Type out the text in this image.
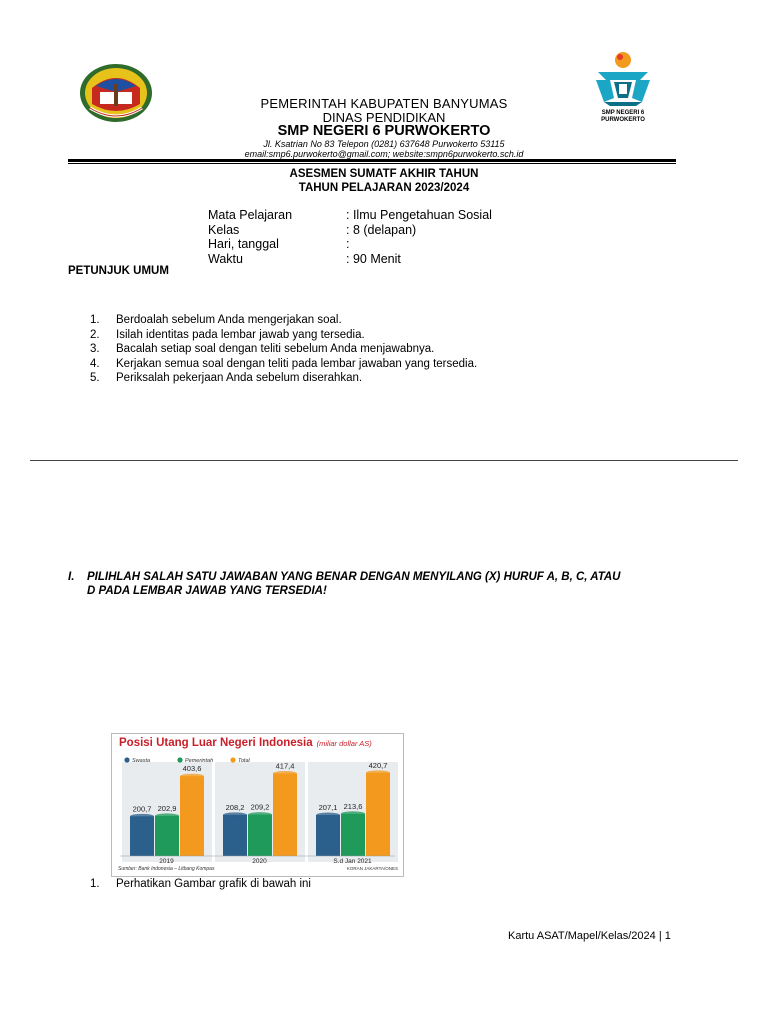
SMP NEGERI 6
PURWOKERTO
PEMERINTAH KABUPATEN BANYUMAS
DINAS PENDIDIKAN
SMP NEGERI 6 PURWOKERTO
Jl. Ksatrian No 83 Telepon (0281) 637648 Purwokerto 53115
email:smp6.purwokerto@gmail.com; website:smpn6purwokerto.sch.id
ASESMEN SUMATF AKHIR TAHUN
TAHUN PELAJARAN 2023/2024
Mata Pelajaran	: Ilmu Pengetahuan Sosial
Kelas	: 8 (delapan)
Hari, tanggal	:
Waktu	: 90 Menit
PETUNJUK UMUM
1.	Berdoalah sebelum Anda mengerjakan soal.
2.	Isilah identitas pada lembar jawab yang tersedia.
3.	Bacalah setiap soal dengan teliti sebelum Anda menjawabnya.
4.	Kerjakan semua soal dengan teliti pada lembar jawaban yang tersedia.
5.	Periksalah pekerjaan Anda sebelum diserahkan.
I. PILIHLAH SALAH SATU JAWABAN YANG BENAR DENGAN MENYILANG (X) HURUF A, B, C, ATAU
D PADA LEMBAR JAWAB YANG TERSEDIA!
Swasta	Pemerintah	Total
200,7 202,9
403,6
2019
208,2 209,2
417,4
2020
207,1 213,6
420,7
S.d Jan 2021
Sumber: Bank Indonesia – Litbang Kompas	KORAN JAKARTA/ONES
Posisi Utang Luar Negeri Indonesia (miliar dollar AS)
1.	Perhatikan Gambar grafik di bawah ini
Kartu ASAT/Mapel/Kelas/2024 | 1
